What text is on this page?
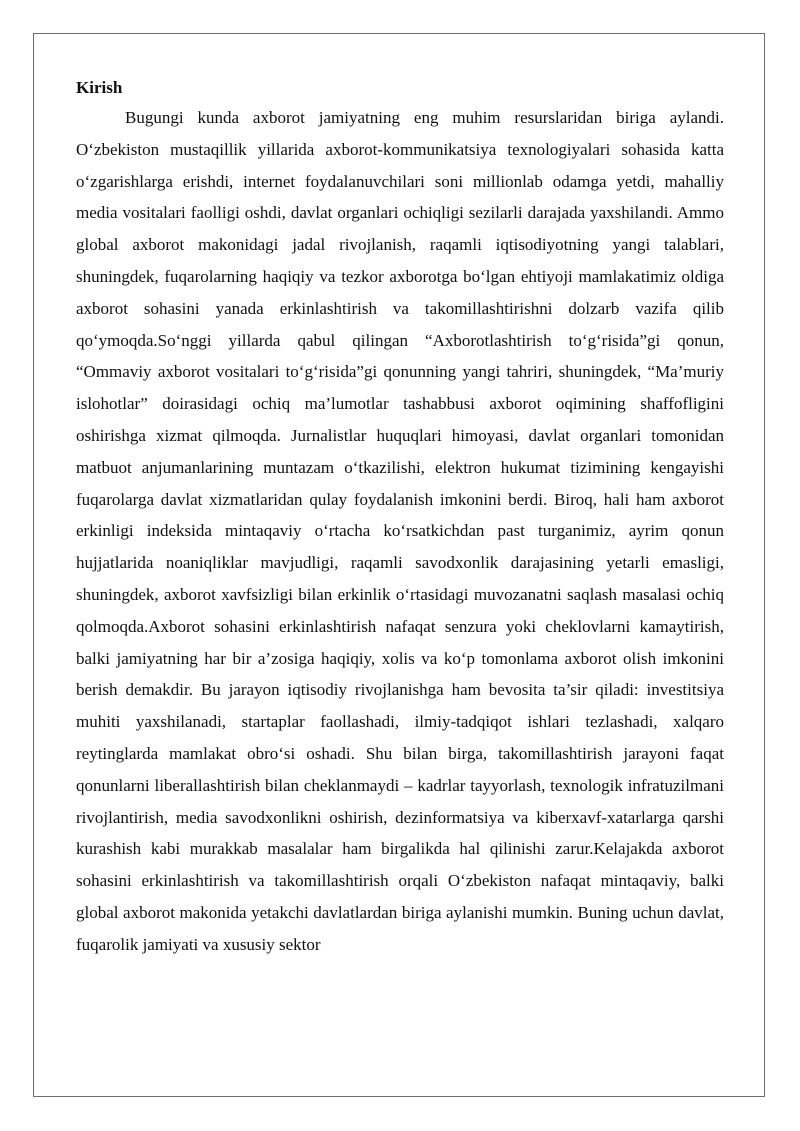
Kirish

Bugungi kunda axborot jamiyatning eng muhim resurslaridan biriga aylandi. O‘zbekiston mustaqillik yillarida axborot-kommunikatsiya texnologiyalari sohasida katta o‘zgarishlarga erishdi, internet foydalanuvchilari soni millionlab odamga yetdi, mahalliy media vositalari faolligi oshdi, davlat organlari ochiqligi sezilarli darajada yaxshilandi. Ammo global axborot makonidagi jadal rivojlanish, raqamli iqtisodiyotning yangi talablari, shuningdek, fuqarolarning haqiqiy va tezkor axborotga bo‘lgan ehtiyoji mamlakatimiz oldiga axborot sohasini yanada erkinlashtirish va takomillashtirishni dolzarb vazifa qilib qo‘ymoqda.So‘nggi yillarda qabul qilingan “Axborotlashtirish to‘g‘risida”gi qonun, “Ommaviy axborot vositalari to‘g‘risida”gi qonunning yangi tahriri, shuningdek, “Ma’muriy islohotlar” doirasidagi ochiq ma’lumotlar tashabbusi axborot oqimining shaffofligini oshirishga xizmat qilmoqda. Jurnalistlar huquqlari himoyasi, davlat organlari tomonidan matbuot anjumanlarining muntazam o‘tkazilishi, elektron hukumat tizimining kengayishi fuqarolarga davlat xizmatlaridan qulay foydalanish imkonini berdi. Biroq, hali ham axborot erkinligi indeksida mintaqaviy o‘rtacha ko‘rsatkichdan past turganimiz, ayrim qonun hujjatlarida noaniqliklar mavjudligi, raqamli savodxonlik darajasining yetarli emasligi, shuningdek, axborot xavfsizligi bilan erkinlik o‘rtasidagi muvozanatni saqlash masalasi ochiq qolmoqda.Axborot sohasini erkinlashtirish nafaqat senzura yoki cheklovlarni kamaytirish, balki jamiyatning har bir a’zosiga haqiqiy, xolis va ko‘p tomonlama axborot olish imkonini berish demakdir. Bu jarayon iqtisodiy rivojlanishga ham bevosita ta’sir qiladi: investitsiya muhiti yaxshilanadi, startaplar faollashadi, ilmiy-tadqiqot ishlari tezlashadi, xalqaro reytinglarda mamlakat obro‘si oshadi. Shu bilan birga, takomillashtirish jarayoni faqat qonunlarni liberallashtirish bilan cheklanmaydi – kadrlar tayyorlash, texnologik infratuzilmani rivojlantirish, media savodxonlikni oshirish, dezinformatsiya va kiberxavf-xatarlarga qarshi kurashish kabi murakkab masalalar ham birgalikda hal qilinishi zarur.Kelajakda axborot sohasini erkinlashtirish va takomillashtirish orqali O‘zbekiston nafaqat mintaqaviy, balki global axborot makonida yetakchi davlatlardan biriga aylanishi mumkin. Buning uchun davlat, fuqarolik jamiyati va xususiy sektor
